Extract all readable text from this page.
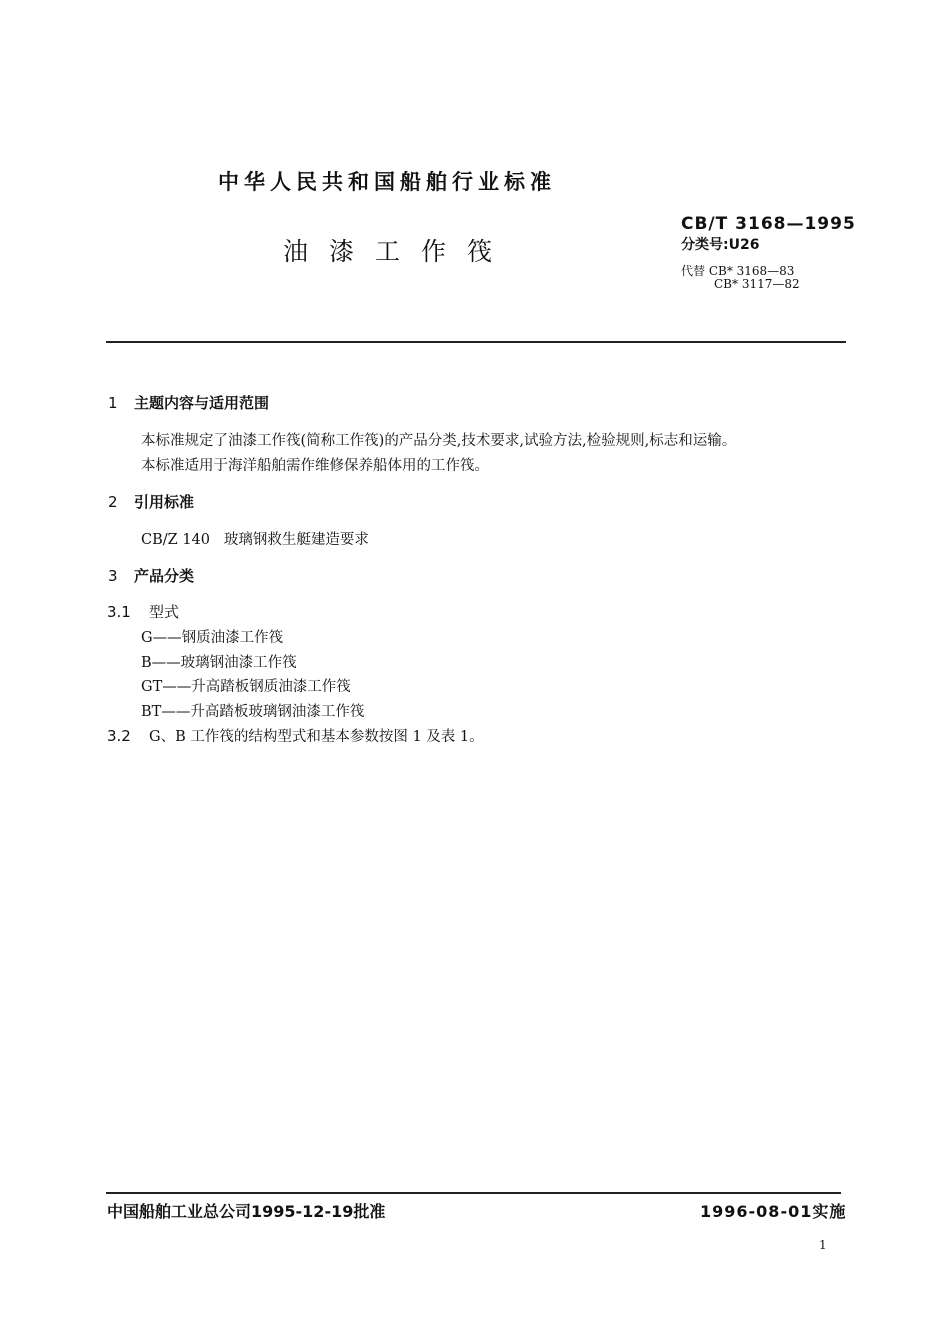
中华人民共和国船舶行业标准
油漆工作筏
CB/T 3168—1995
分类号:U26
代替 CB* 3168—83
CB* 3117—82
1 主题内容与适用范围
本标准规定了油漆工作筏(简称工作筏)的产品分类,技术要求,试验方法,检验规则,标志和运输。
本标准适用于海洋船舶需作维修保养船体用的工作筏。
2 引用标准
CB/Z 140   玻璃钢救生艇建造要求
3 产品分类
3.1 型式
G——钢质油漆工作筏
B——玻璃钢油漆工作筏
GT——升高踏板钢质油漆工作筏
BT——升高踏板玻璃钢油漆工作筏
3.2 G、B 工作筏的结构型式和基本参数按图 1 及表 1。
中国船舶工业总公司1995-12-19批准	1996-08-01实施
1
